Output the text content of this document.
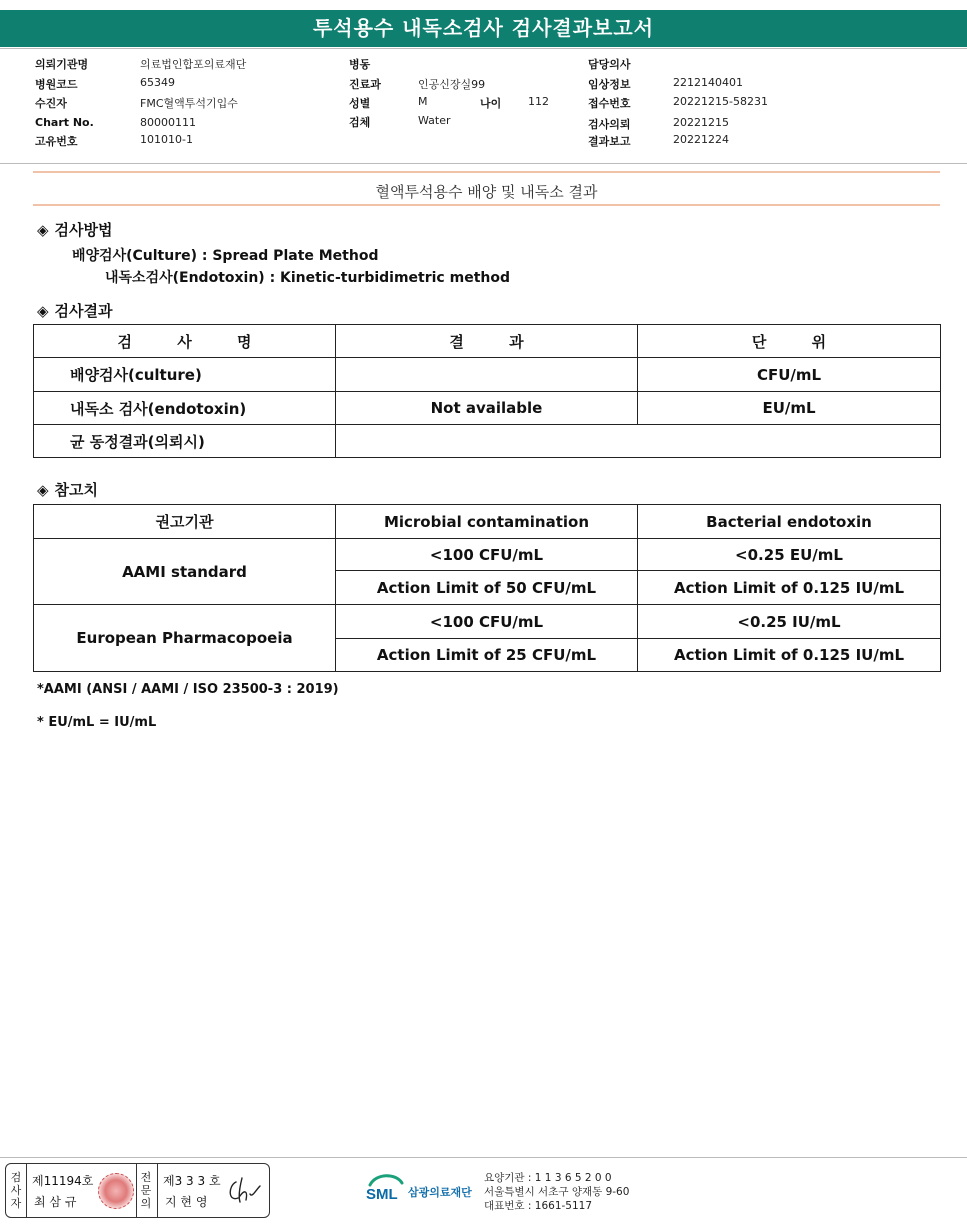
투석용수 내독소검사 검사결과보고서
의뢰기관명	의료법인합포의료재단
병원코드	65349
수진자	FMC혈액투석기입수
Chart No.	80000111
고유번호	101010-1
병동
진료과	인공신장실99
성별	M
검체	Water
나이 112
담당의사
임상정보	2212140401
접수번호	20221215-58231
검사의뢰	20221215
결과보고	20221224
혈액투석용수 배양 및 내독소 결과
◈ 검사방법
배양검사(Culture) : Spread Plate Method
내독소검사(Endotoxin) : Kinetic-turbidimetric method
◈ 검사결과
검 사 명	결 과	단 위
배양검사(culture)		CFU/mL
내독소 검사(endotoxin)	Not available	EU/mL
균 동정결과(의뢰시)		
◈ 참고치
권고기관	Microbial contamination	Bacterial endotoxin
AAMI standard	<100 CFU/mL	<0.25 EU/mL
	Action Limit of 50 CFU/mL	Action Limit of 0.125 IU/mL
European Pharmacopoeia	<100 CFU/mL	<0.25 IU/mL
	Action Limit of 25 CFU/mL	Action Limit of 0.125 IU/mL
*AAMI (ANSI / AAMI / ISO 23500-3 : 2019)
* EU/mL = IU/mL
검사자
제11194호
최 삼 규
전문의
제3 3 3 호
지 현 영	SML 삼광의료재단
요양기관 : 1 1 3 6 5 2 0 0
서울특별시 서초구 양재동 9-60
대표번호 : 1661-5117
